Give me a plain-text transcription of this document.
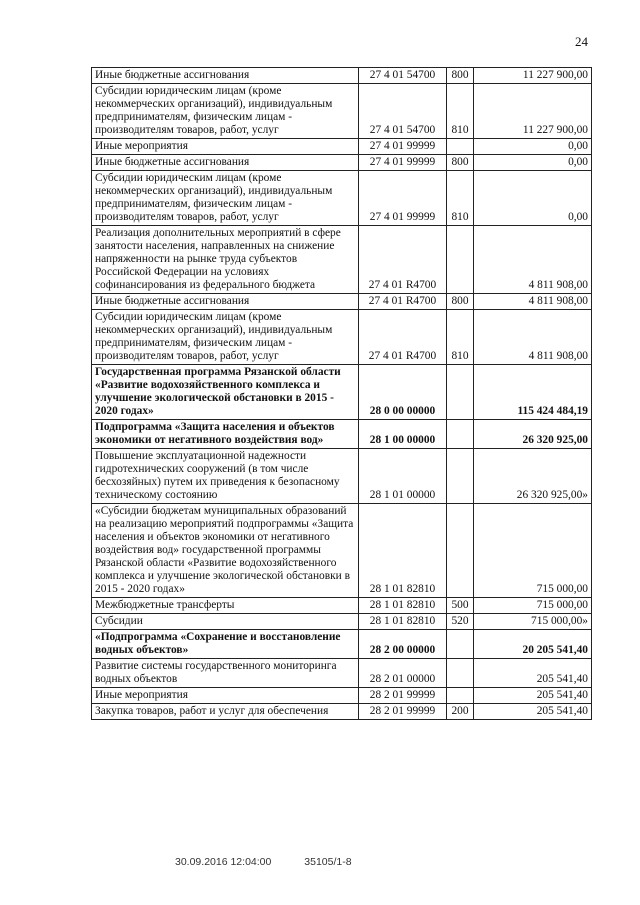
24
Иные бюджетные ассигнования	27 4 01 54700	800	11 227 900,00
Субсидии юридическим лицам (кроме некоммерческих организаций), индивидуальным предпринимателям, физическим лицам - производителям товаров, работ, услуг	27 4 01 54700	810	11 227 900,00
Иные мероприятия	27 4 01 99999		0,00
Иные бюджетные ассигнования	27 4 01 99999	800	0,00
Субсидии юридическим лицам (кроме некоммерческих организаций), индивидуальным предпринимателям, физическим лицам - производителям товаров, работ, услуг	27 4 01 99999	810	0,00
Реализация дополнительных мероприятий в сфере занятости населения, направленных на снижение напряженности на рынке труда субъектов Российской Федерации на условиях софинансирования из федерального бюджета	27 4 01 R4700		4 811 908,00
Иные бюджетные ассигнования	27 4 01 R4700	800	4 811 908,00
Субсидии юридическим лицам (кроме некоммерческих организаций), индивидуальным предпринимателям, физическим лицам - производителям товаров, работ, услуг	27 4 01 R4700	810	4 811 908,00
Государственная программа Рязанской области «Развитие водохозяйственного комплекса и улучшение экологической обстановки в 2015 - 2020 годах»	28 0 00 00000		115 424 484,19
Подпрограмма «Защита населения и объектов экономики от негативного воздействия вод»	28 1 00 00000		26 320 925,00
Повышение эксплуатационной надежности гидротехнических сооружений (в том числе бесхозяйных) путем их приведения к безопасному техническому состоянию	28 1 01 00000		26 320 925,00»
«Субсидии бюджетам муниципальных образований на реализацию мероприятий подпрограммы «Защита населения и объектов экономики от негативного воздействия вод» государственной программы Рязанской области «Развитие водохозяйственного комплекса и улучшение экологической обстановки в 2015 - 2020 годах»	28 1 01 82810		715 000,00
Межбюджетные трансферты	28 1 01 82810	500	715 000,00
Субсидии	28 1 01 82810	520	715 000,00»
«Подпрограмма «Сохранение и восстановление водных объектов»	28 2 00 00000		20 205 541,40
Развитие системы государственного мониторинга водных объектов	28 2 01 00000		205 541,40
Иные мероприятия	28 2 01 99999		205 541,40
Закупка товаров, работ и услуг для обеспечения	28 2 01 99999	200	205 541,40
30.09.2016 12:04:00	35105/1-8
